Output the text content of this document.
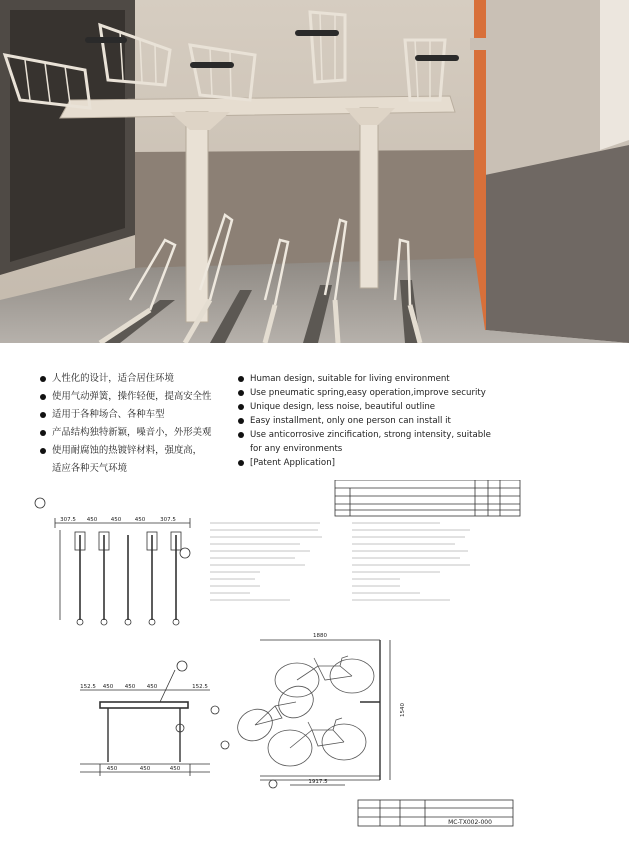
人性化的设计，适合居住环境
使用气动弹簧，操作轻便，提高安全性
适用于各种场合、各种车型
产品结构独特新颖，噪音小，外形美观
使用耐腐蚀的热镀锌材料，强度高，
适应各种天气环境
Human design, suitable for living environment
Use pneumatic spring,easy operation,improve security
Unique design, less noise, beautiful outline
Easy installment, only one person can install it
Use anticorrosive zincification, strong intensity, suitable
for any environments
[Patent Application]
307.5 450 450 450	307.5
152.5 450 450 450	152.5
450	450	450
1880
1917.5
1540
MC-TX002-000
